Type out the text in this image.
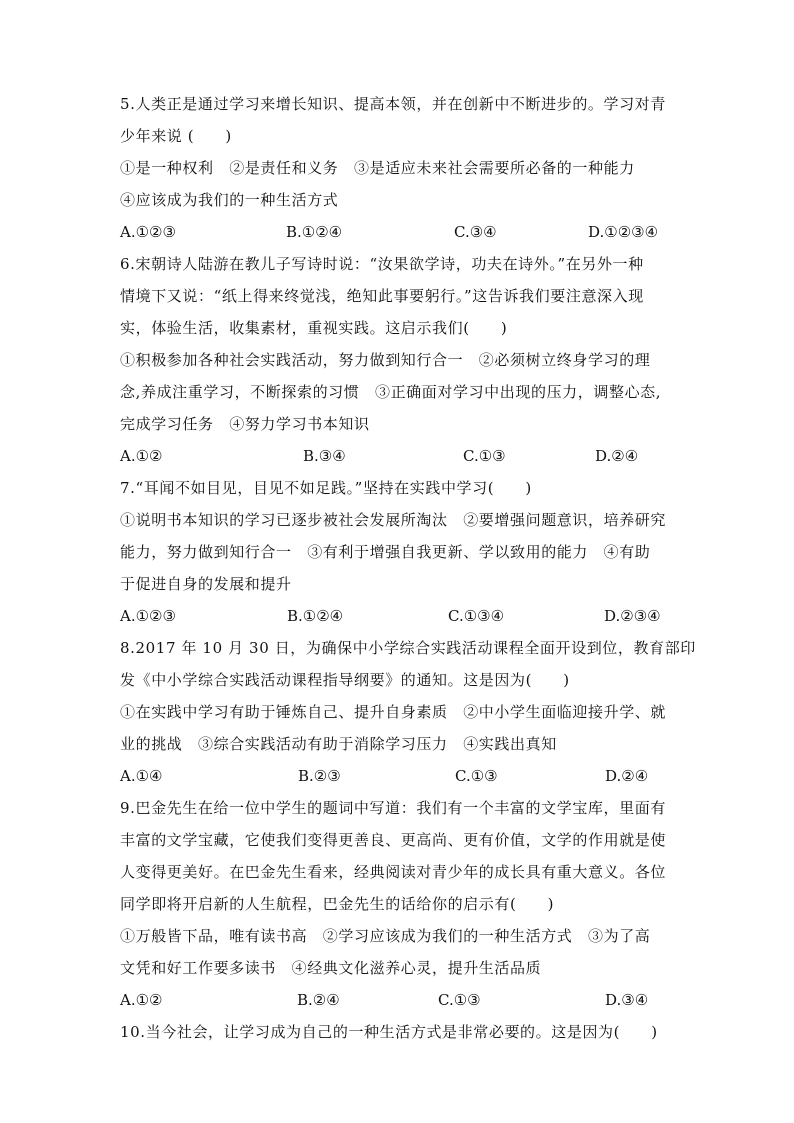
5.人类正是通过学习来增长知识、提高本领，并在创新中不断进步的。学习对青
少年来说 (　　)
①是一种权利　②是责任和义务　③是适应未来社会需要所必备的一种能力
④应该成为我们的一种生活方式
A.①②③	B.①②④	C.③④	D.①②③④
6.宋朝诗人陆游在教儿子写诗时说：“汝果欲学诗，功夫在诗外。”在另外一种
情境下又说：“纸上得来终觉浅，绝知此事要躬行。”这告诉我们要注意深入现
实，体验生活，收集素材，重视实践。这启示我们(　　)
①积极参加各种社会实践活动，努力做到知行合一　②必须树立终身学习的理
念,养成注重学习，不断探索的习惯　③正确面对学习中出现的压力，调整心态,
完成学习任务　④努力学习书本知识
A.①②	B.③④	C.①③	D.②④
7.“耳闻不如目见，目见不如足践。”坚持在实践中学习(　　)
①说明书本知识的学习已逐步被社会发展所淘汰　②要增强问题意识，培养研究
能力，努力做到知行合一　③有利于增强自我更新、学以致用的能力　④有助
于促进自身的发展和提升
A.①②③	B.①②④	C.①③④	D.②③④
8.2017 年 10 月 30 日，为确保中小学综合实践活动课程全面开设到位，教育部印
发《中小学综合实践活动课程指导纲要》的通知。这是因为(　　)
①在实践中学习有助于锤炼自己、提升自身素质　②中小学生面临迎接升学、就
业的挑战　③综合实践活动有助于消除学习压力　④实践出真知
A.①④	B.②③	C.①③	D.②④
9.巴金先生在给一位中学生的题词中写道：我们有一个丰富的文学宝库，里面有
丰富的文学宝藏，它使我们变得更善良、更高尚、更有价值，文学的作用就是使
人变得更美好。在巴金先生看来，经典阅读对青少年的成长具有重大意义。各位
同学即将开启新的人生航程，巴金先生的话给你的启示有(　　)
①万般皆下品，唯有读书高　②学习应该成为我们的一种生活方式　③为了高
文凭和好工作要多读书　④经典文化滋养心灵，提升生活品质
A.①②	B.②④	C.①③	D.③④
10.当今社会，让学习成为自己的一种生活方式是非常必要的。这是因为(　　)
